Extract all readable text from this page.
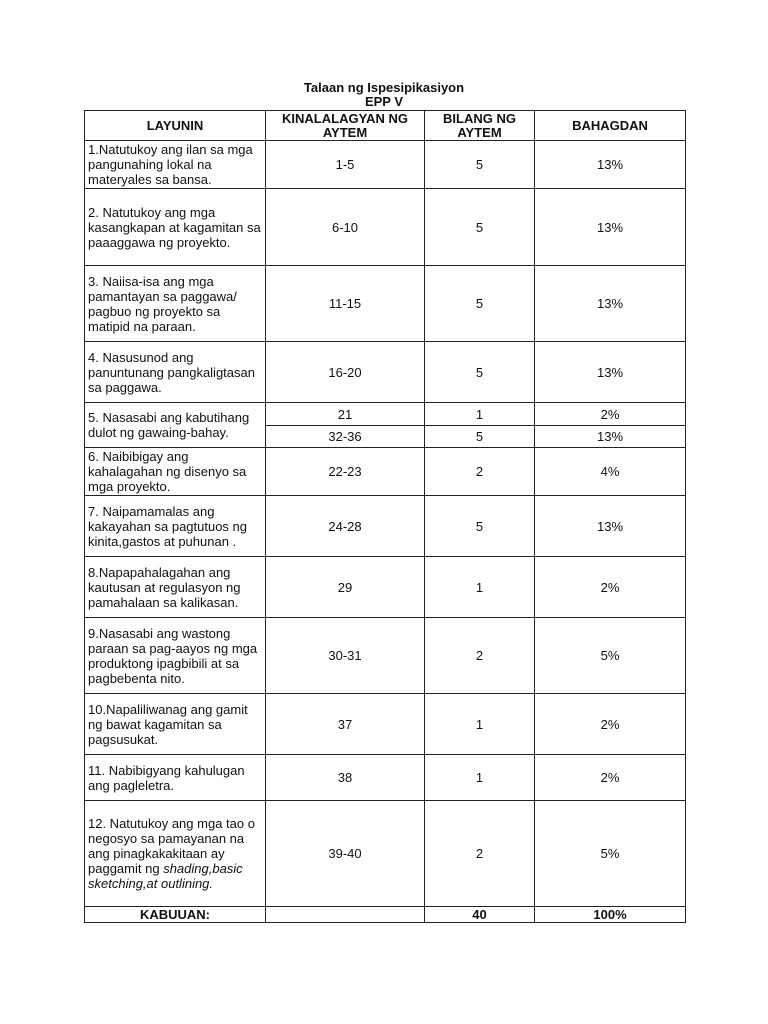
Talaan ng Ispesipikasiyon
EPP V
LAYUNIN	KINALALAGYAN NG AYTEM	BILANG NG AYTEM	BAHAGDAN
1.Natutukoy ang ilan sa mga pangunahing lokal na materyales sa bansa.	1-5	5	13%
2. Natutukoy ang mga kasangkapan at kagamitan sa paaaggawa ng proyekto.	6-10	5	13%
3. Naiisa-isa ang mga pamantayan sa paggawa/ pagbuo ng proyekto sa matipid na paraan.	11-15	5	13%
4. Nasusunod ang panuntunang pangkaligtasan sa paggawa.	16-20	5	13%
5. Nasasabi ang kabutihang dulot ng gawaing-bahay.	21	1	2%
	32-36	5	13%
6. Naibibigay ang kahalagahan ng disenyo sa mga proyekto.	22-23	2	4%
7. Naipamamalas ang kakayahan sa pagtutuos ng kinita,gastos at puhunan .	24-28	5	13%
8.Napapahalagahan ang kautusan at regulasyon ng pamahalaan sa kalikasan.	29	1	2%
9.Nasasabi ang wastong paraan sa pag-aayos ng mga produktong ipagbibili at sa pagbebenta nito.	30-31	2	5%
10.Napaliliwanag ang gamit ng bawat kagamitan sa pagsusukat.	37	1	2%
11. Nabibigyang kahulugan ang pagleletra.	38	1	2%
12. Natutukoy ang mga tao o negosyo sa pamayanan na ang pinagkakakitaan ay paggamit ng shading,basic sketching,at outlining.	39-40	2	5%
KABUUAN:		40	100%
